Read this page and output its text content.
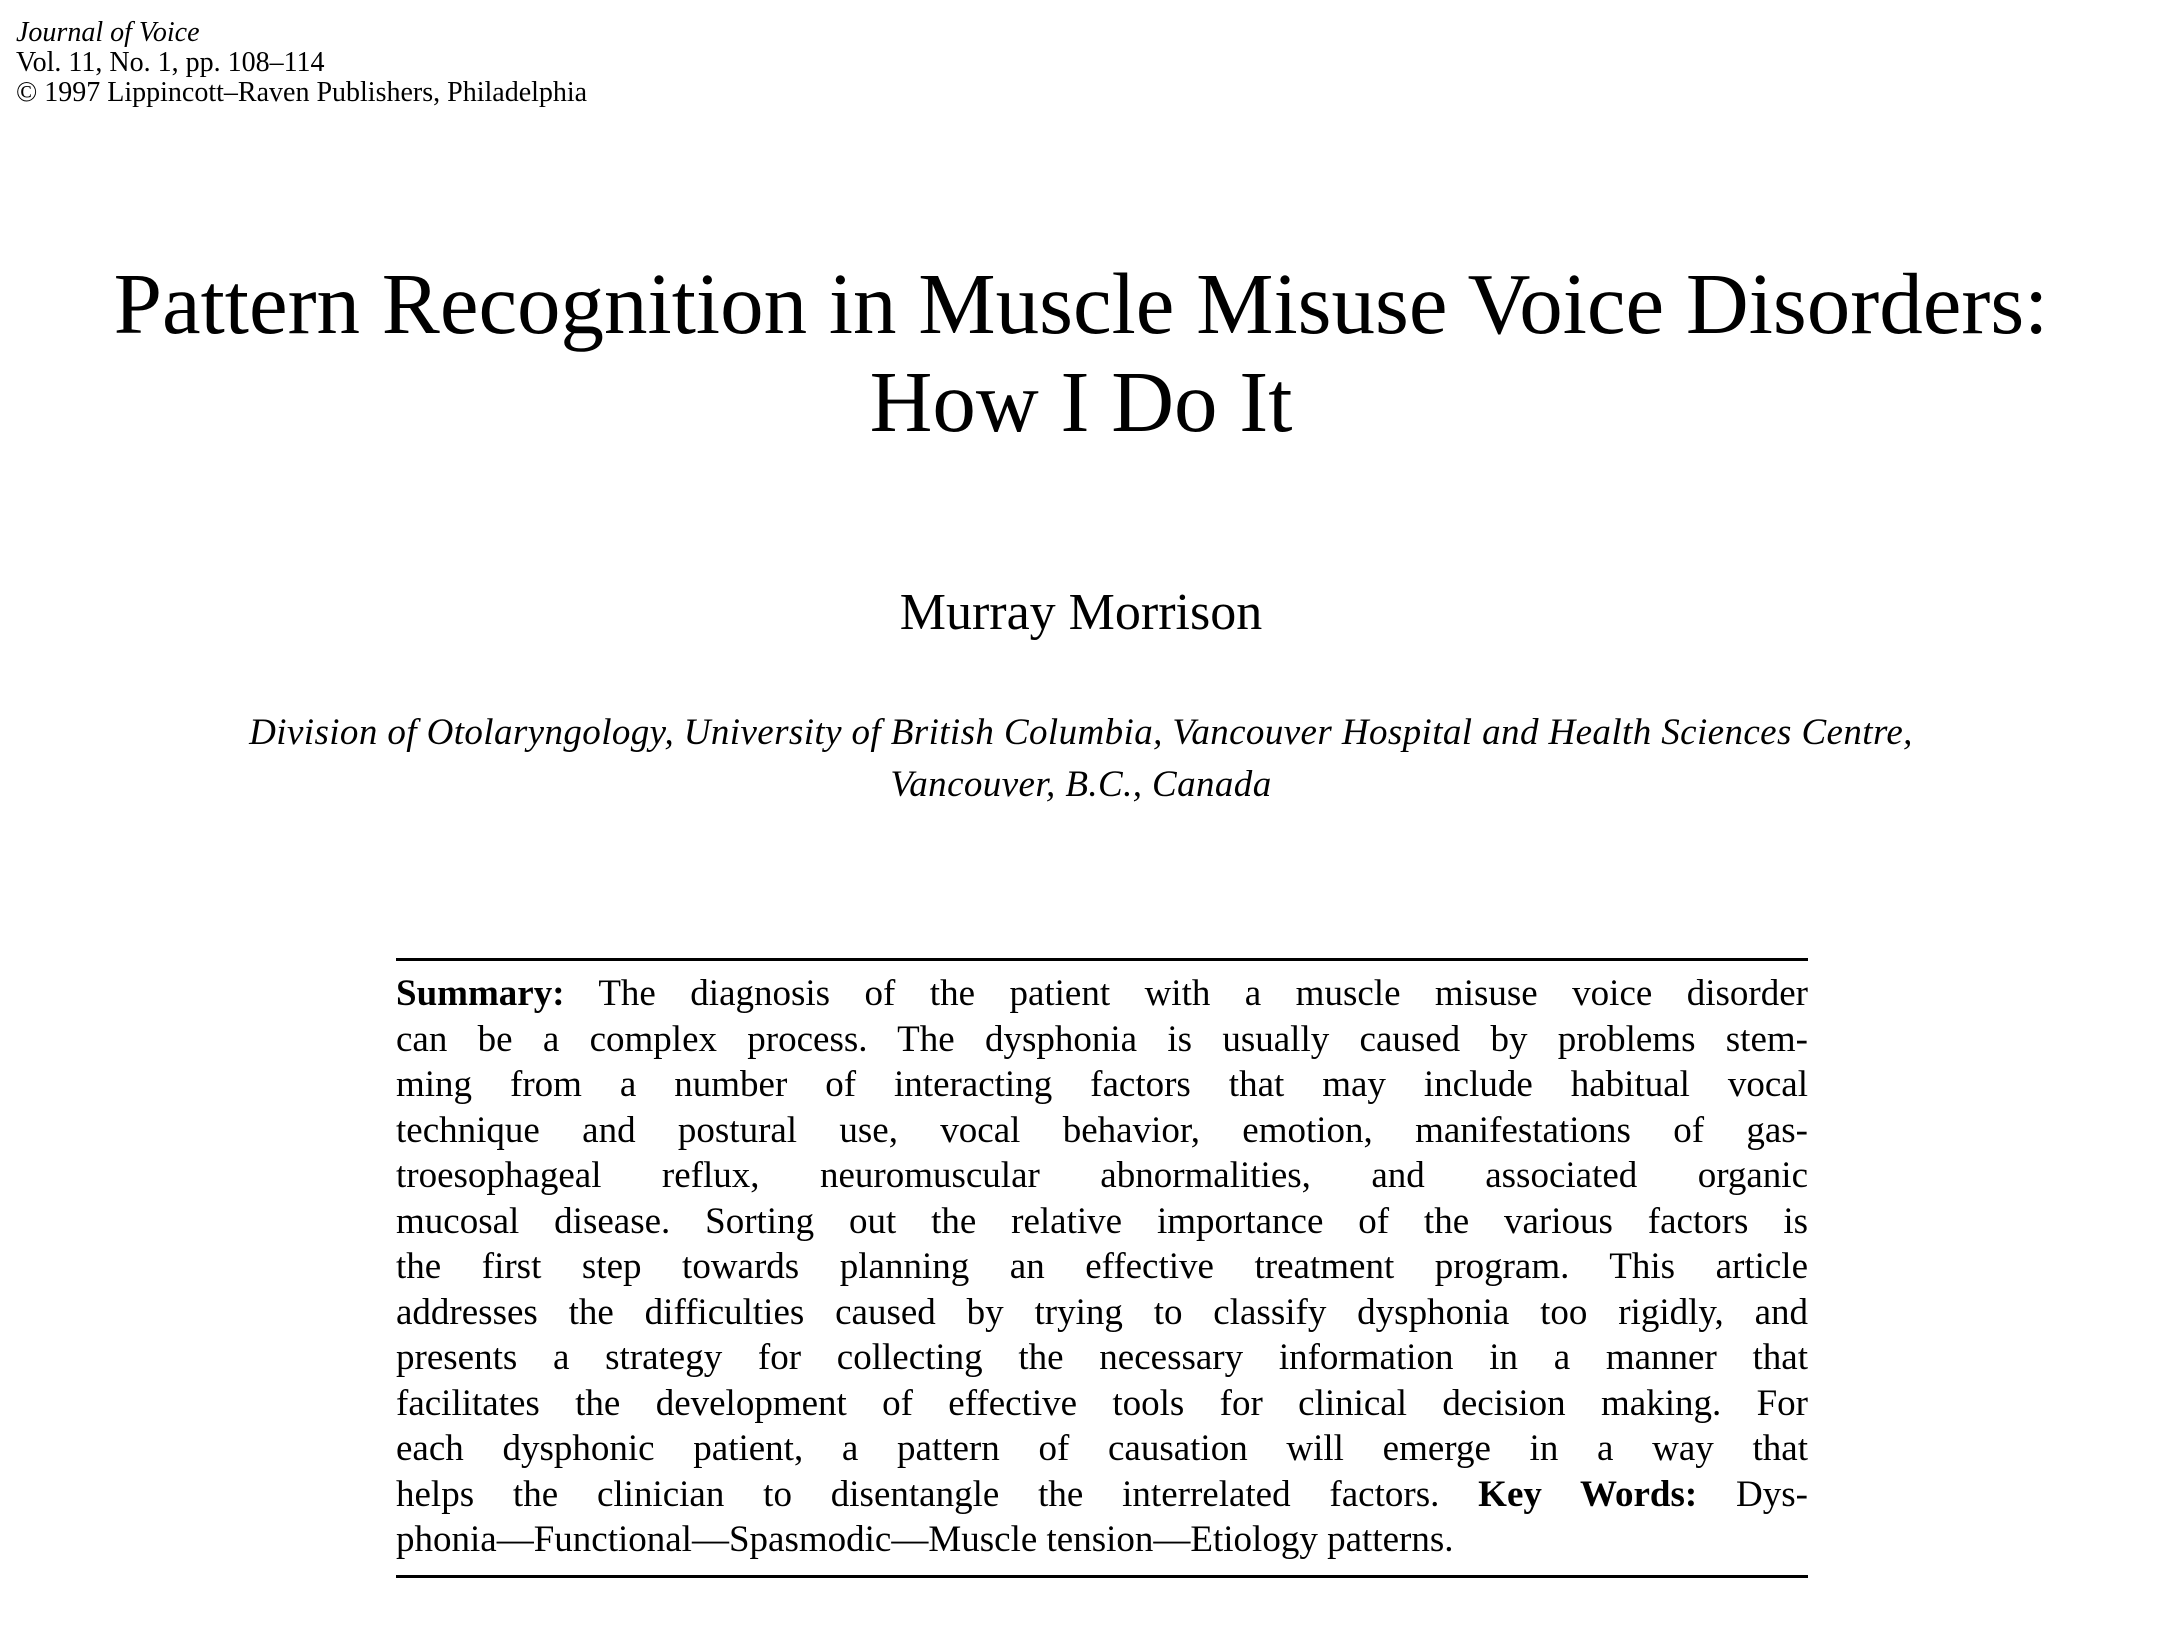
Journal of Voice
Vol. 11, No. 1, pp. 108–114
© 1997 Lippincott–Raven Publishers, Philadelphia
Pattern Recognition in Muscle Misuse Voice Disorders:
How I Do It
Murray Morrison
Division of Otolaryngology, University of British Columbia, Vancouver Hospital and Health Sciences Centre,
Vancouver, B.C., Canada
Summary: The diagnosis of the patient with a muscle misuse voice disorder
can be a complex process. The dysphonia is usually caused by problems stem-
ming from a number of interacting factors that may include habitual vocal
technique and postural use, vocal behavior, emotion, manifestations of gas-
troesophageal reflux, neuromuscular abnormalities, and associated organic
mucosal disease. Sorting out the relative importance of the various factors is
the first step towards planning an effective treatment program. This article
addresses the difficulties caused by trying to classify dysphonia too rigidly, and
presents a strategy for collecting the necessary information in a manner that
facilitates the development of effective tools for clinical decision making. For
each dysphonic patient, a pattern of causation will emerge in a way that
helps the clinician to disentangle the interrelated factors. Key Words: Dys-
phonia—Functional—Spasmodic—Muscle tension—Etiology patterns.
